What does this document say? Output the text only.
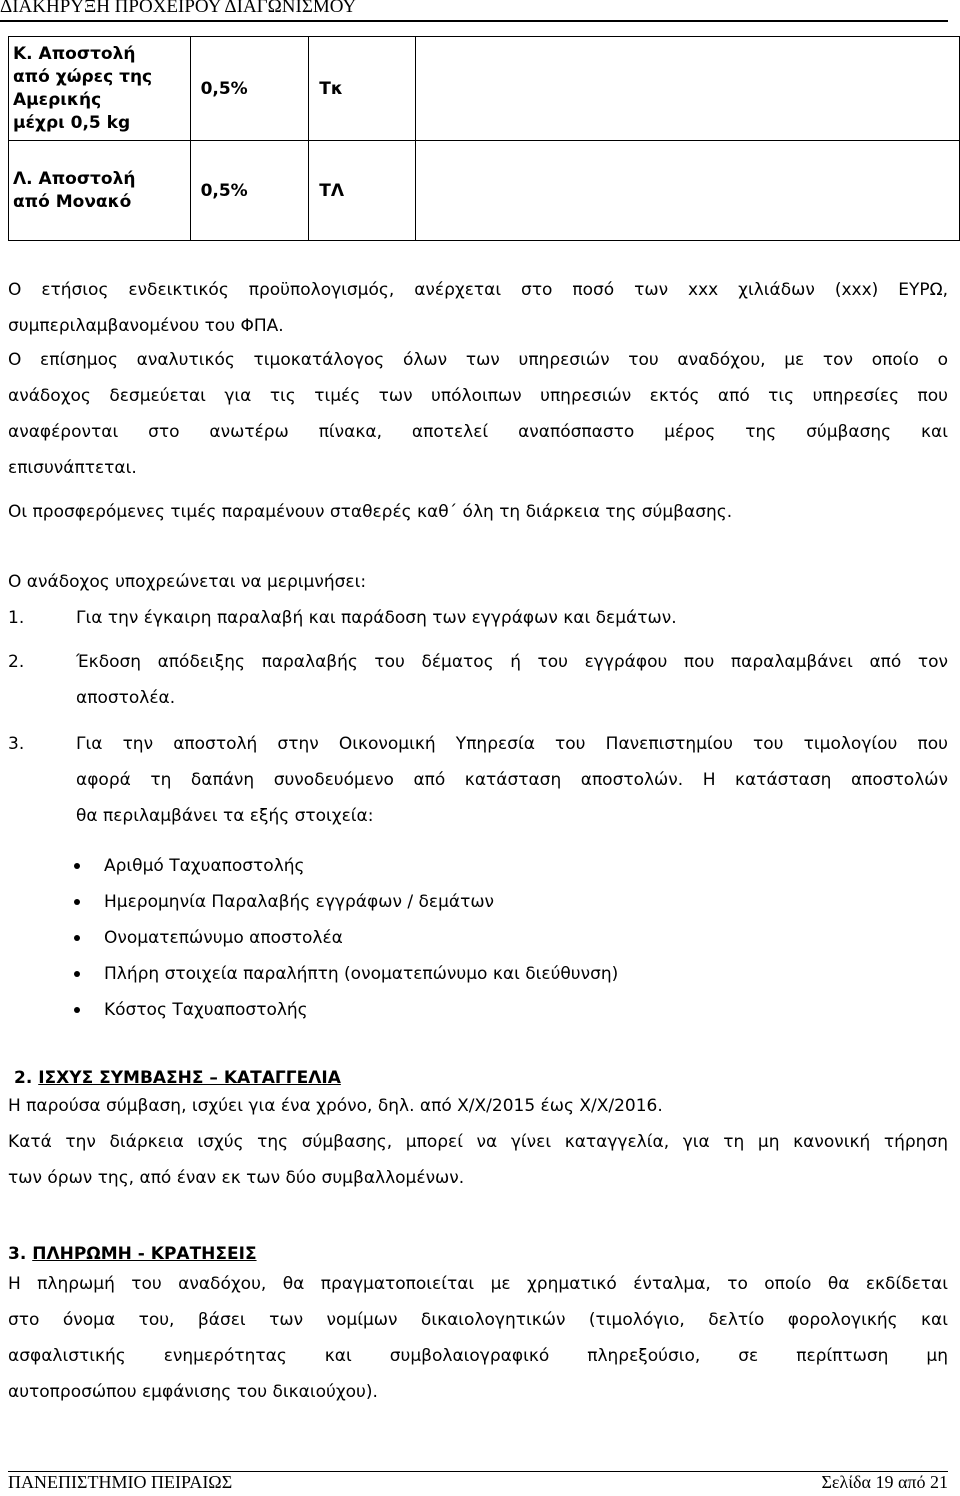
ΔΙΑΚΗΡΥΞΗ ΠΡΟΧΕΙΡΟΥ ΔΙΑΓΩΝΙΣΜΟΥ
Κ. Αποστολή
από χώρες της
Αμερικής
μέχρι 0,5 kg	0,5%	Τκ	

Λ. Αποστολή
από Μονακό	0,5%	ΤΛ	
Ο ετήσιος ενδεικτικός προϋπολογισμός, ανέρχεται στο ποσό των xxx χιλιάδων (xxx) ΕΥΡΩ,
συμπεριλαμβανομένου του ΦΠΑ.
Ο επίσημος αναλυτικός τιμοκατάλογος όλων των υπηρεσιών του αναδόχου, με τον οποίο ο
ανάδοχος δεσμεύεται για τις τιμές των υπόλοιπων υπηρεσιών εκτός από τις υπηρεσίες που
αναφέρονται στο ανωτέρω πίνακα, αποτελεί αναπόσπαστο μέρος της σύμβασης και
επισυνάπτεται.
Οι προσφερόμενες τιμές παραμένουν σταθερές καθ΄ όλη τη διάρκεια της σύμβασης.
Ο ανάδοχος υποχρεώνεται να μεριμνήσει:
1.	Για την έγκαιρη παραλαβή και παράδοση των εγγράφων και δεμάτων.
2.	Έκδοση απόδειξης παραλαβής του δέματος ή του εγγράφου που παραλαμβάνει από τον
αποστολέα.
3.	Για την αποστολή στην Οικονομική Υπηρεσία του Πανεπιστημίου του τιμολογίου που
αφορά τη δαπάνη συνοδευόμενο από κατάσταση αποστολών. Η κατάσταση αποστολών
θα περιλαμβάνει τα εξής στοιχεία:
Αριθμό Ταχυαποστολής
Ημερομηνία Παραλαβής εγγράφων / δεμάτων
Ονοματεπώνυμο αποστολέα
Πλήρη στοιχεία παραλήπτη (ονοματεπώνυμο και διεύθυνση)
Κόστος Ταχυαποστολής
2. ΙΣΧΥΣ ΣΥΜΒΑΣΗΣ – ΚΑΤΑΓΓΕΛΙΑ
Η παρούσα σύμβαση, ισχύει για ένα χρόνο, δηλ. από Χ/Χ/2015 έως Χ/Χ/2016.
Κατά την διάρκεια ισχύς της σύμβασης, μπορεί να γίνει καταγγελία, για τη μη κανονική τήρηση
των όρων της, από έναν εκ των δύο συμβαλλομένων.
3. ΠΛΗΡΩΜΗ - ΚΡΑΤΗΣΕΙΣ
Η πληρωμή του αναδόχου, θα πραγματοποιείται με χρηματικό ένταλμα, το οποίο θα εκδίδεται
στο όνομα του, βάσει των νομίμων δικαιολογητικών (τιμολόγιο, δελτίο φορολογικής και
ασφαλιστικής ενημερότητας και συμβολαιογραφικό πληρεξούσιο, σε περίπτωση μη
αυτοπροσώπου εμφάνισης του δικαιούχου).
ΠΑΝΕΠΙΣΤΗΜΙΟ ΠΕΙΡΑΙΩΣ	Σελίδα 19 από 21
